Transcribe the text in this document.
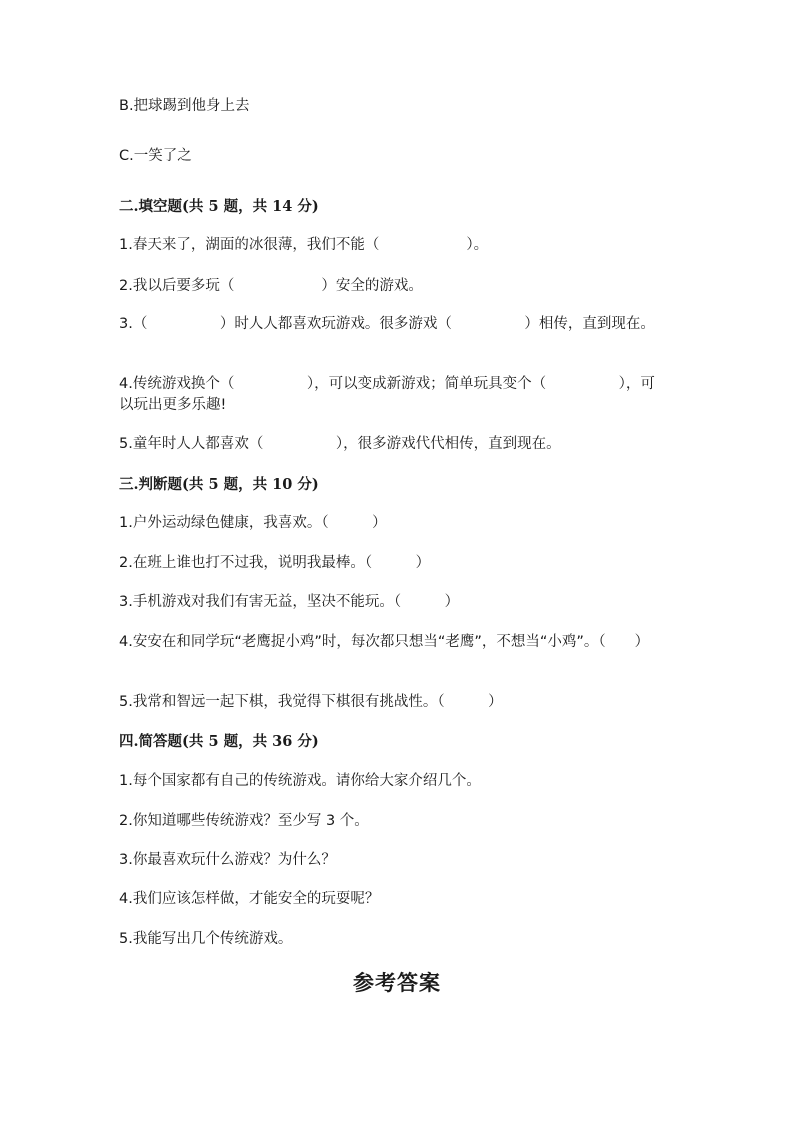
B.把球踢到他身上去
C.一笑了之
二.填空题(共 5 题，共 14 分)
1.春天来了，湖面的冰很薄，我们不能（　　　　　　）。
2.我以后要多玩（　　　　　　）安全的游戏。
3.（　　　　　）时人人都喜欢玩游戏。很多游戏（　　　　　）相传，直到现在。
4.传统游戏换个（　　　　　），可以变成新游戏；简单玩具变个（　　　　　），可以玩出更多乐趣!
5.童年时人人都喜欢（　　　　　），很多游戏代代相传，直到现在。
三.判断题(共 5 题，共 10 分)
1.户外运动绿色健康，我喜欢。（　　　）
2.在班上谁也打不过我，说明我最棒。（　　　）
3.手机游戏对我们有害无益，坚决不能玩。（　　　）
4.安安在和同学玩“老鹰捉小鸡”时，每次都只想当“老鹰”，不想当“小鸡”。（　　）
5.我常和智远一起下棋，我觉得下棋很有挑战性。（　　　）
四.简答题(共 5 题，共 36 分)
1.每个国家都有自己的传统游戏。请你给大家介绍几个。
2.你知道哪些传统游戏？至少写 3 个。
3.你最喜欢玩什么游戏？为什么？
4.我们应该怎样做，才能安全的玩耍呢？
5.我能写出几个传统游戏。
参考答案
